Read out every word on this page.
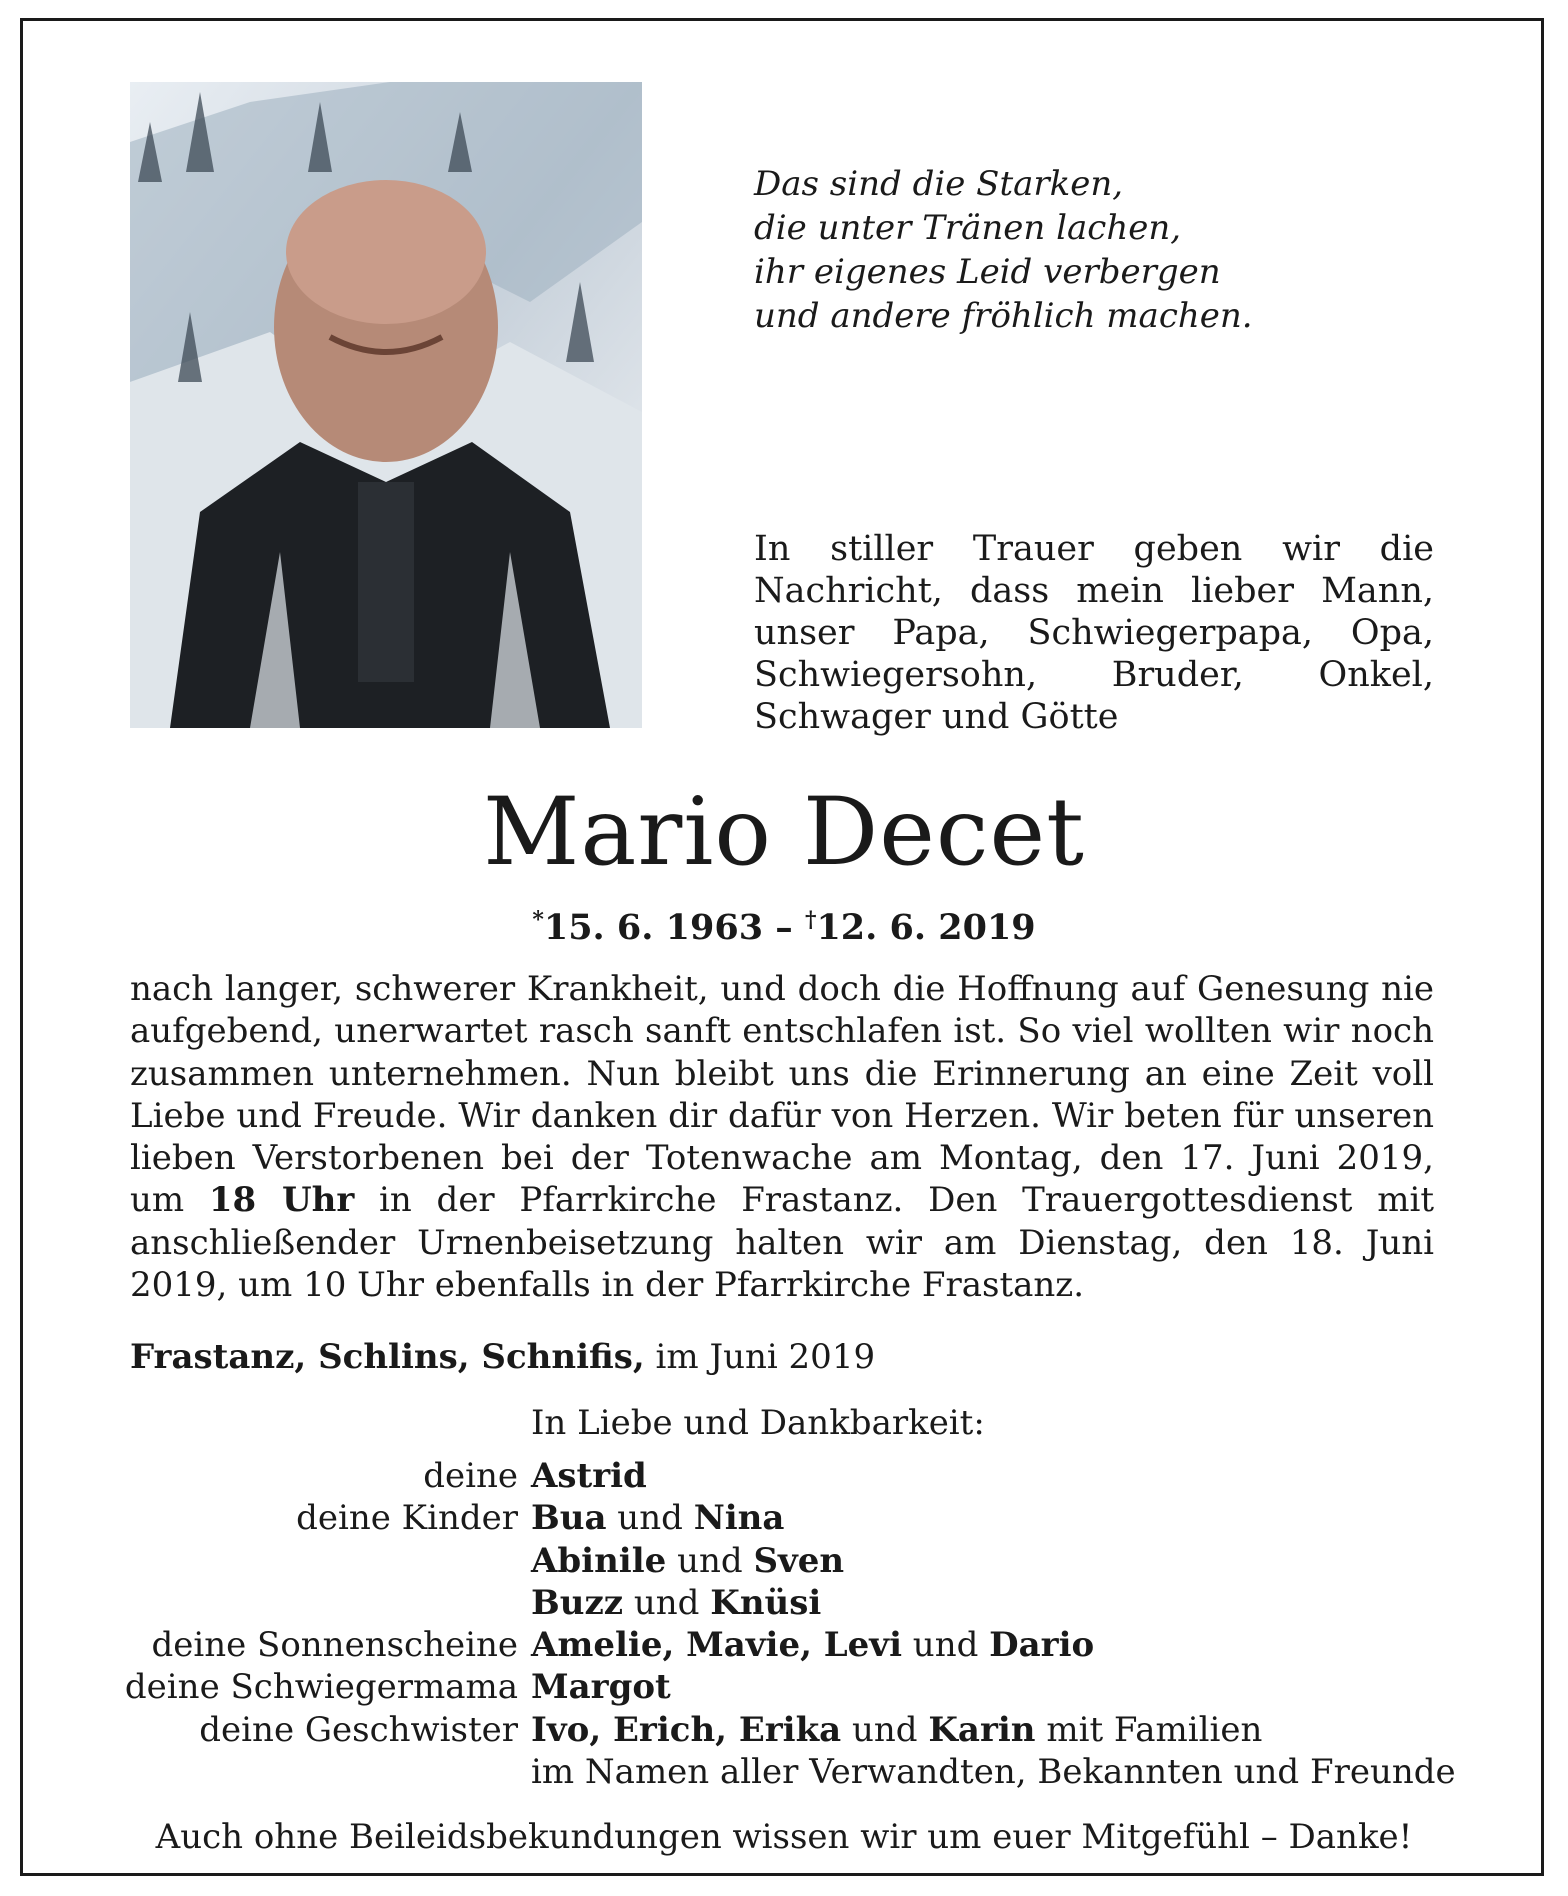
Das sind die Starken,
die unter Tränen lachen,
ihr eigenes Leid verbergen
und andere fröhlich machen.
In stiller Trauer geben wir die Nachricht, dass mein lieber Mann, unser Papa, Schwiegerpapa, Opa, Schwiegersohn, Bruder, Onkel, Schwager und Götte
Mario Decet
*15. 6. 1963 – †12. 6. 2019
nach langer, schwerer Krankheit, und doch die Hoffnung auf Genesung nie aufgebend, unerwartet rasch sanft entschlafen ist. So viel wollten wir noch zusammen unternehmen. Nun bleibt uns die Erinnerung an eine Zeit voll Liebe und Freude. Wir danken dir dafür von Herzen. Wir beten für unseren lieben Verstorbenen bei der Totenwache am Montag, den 17. Juni 2019, um 18 Uhr in der Pfarrkirche Frastanz. Den Trauergottesdienst mit anschließender Urnenbeisetzung halten wir am Dienstag, den 18. Juni 2019, um 10 Uhr ebenfalls in der Pfarrkirche Frastanz.
Frastanz, Schlins, Schnifis, im Juni 2019
In Liebe und Dankbarkeit:
deine Astrid
deine Kinder Bua und Nina
Abinile und Sven
Buzz und Knüsi
deine Sonnenscheine Amelie, Mavie, Levi und Dario
deine Schwiegermama Margot
deine Geschwister Ivo, Erich, Erika und Karin mit Familien
im Namen aller Verwandten, Bekannten und Freunde
Auch ohne Beileidsbekundungen wissen wir um euer Mitgefühl – Danke!
